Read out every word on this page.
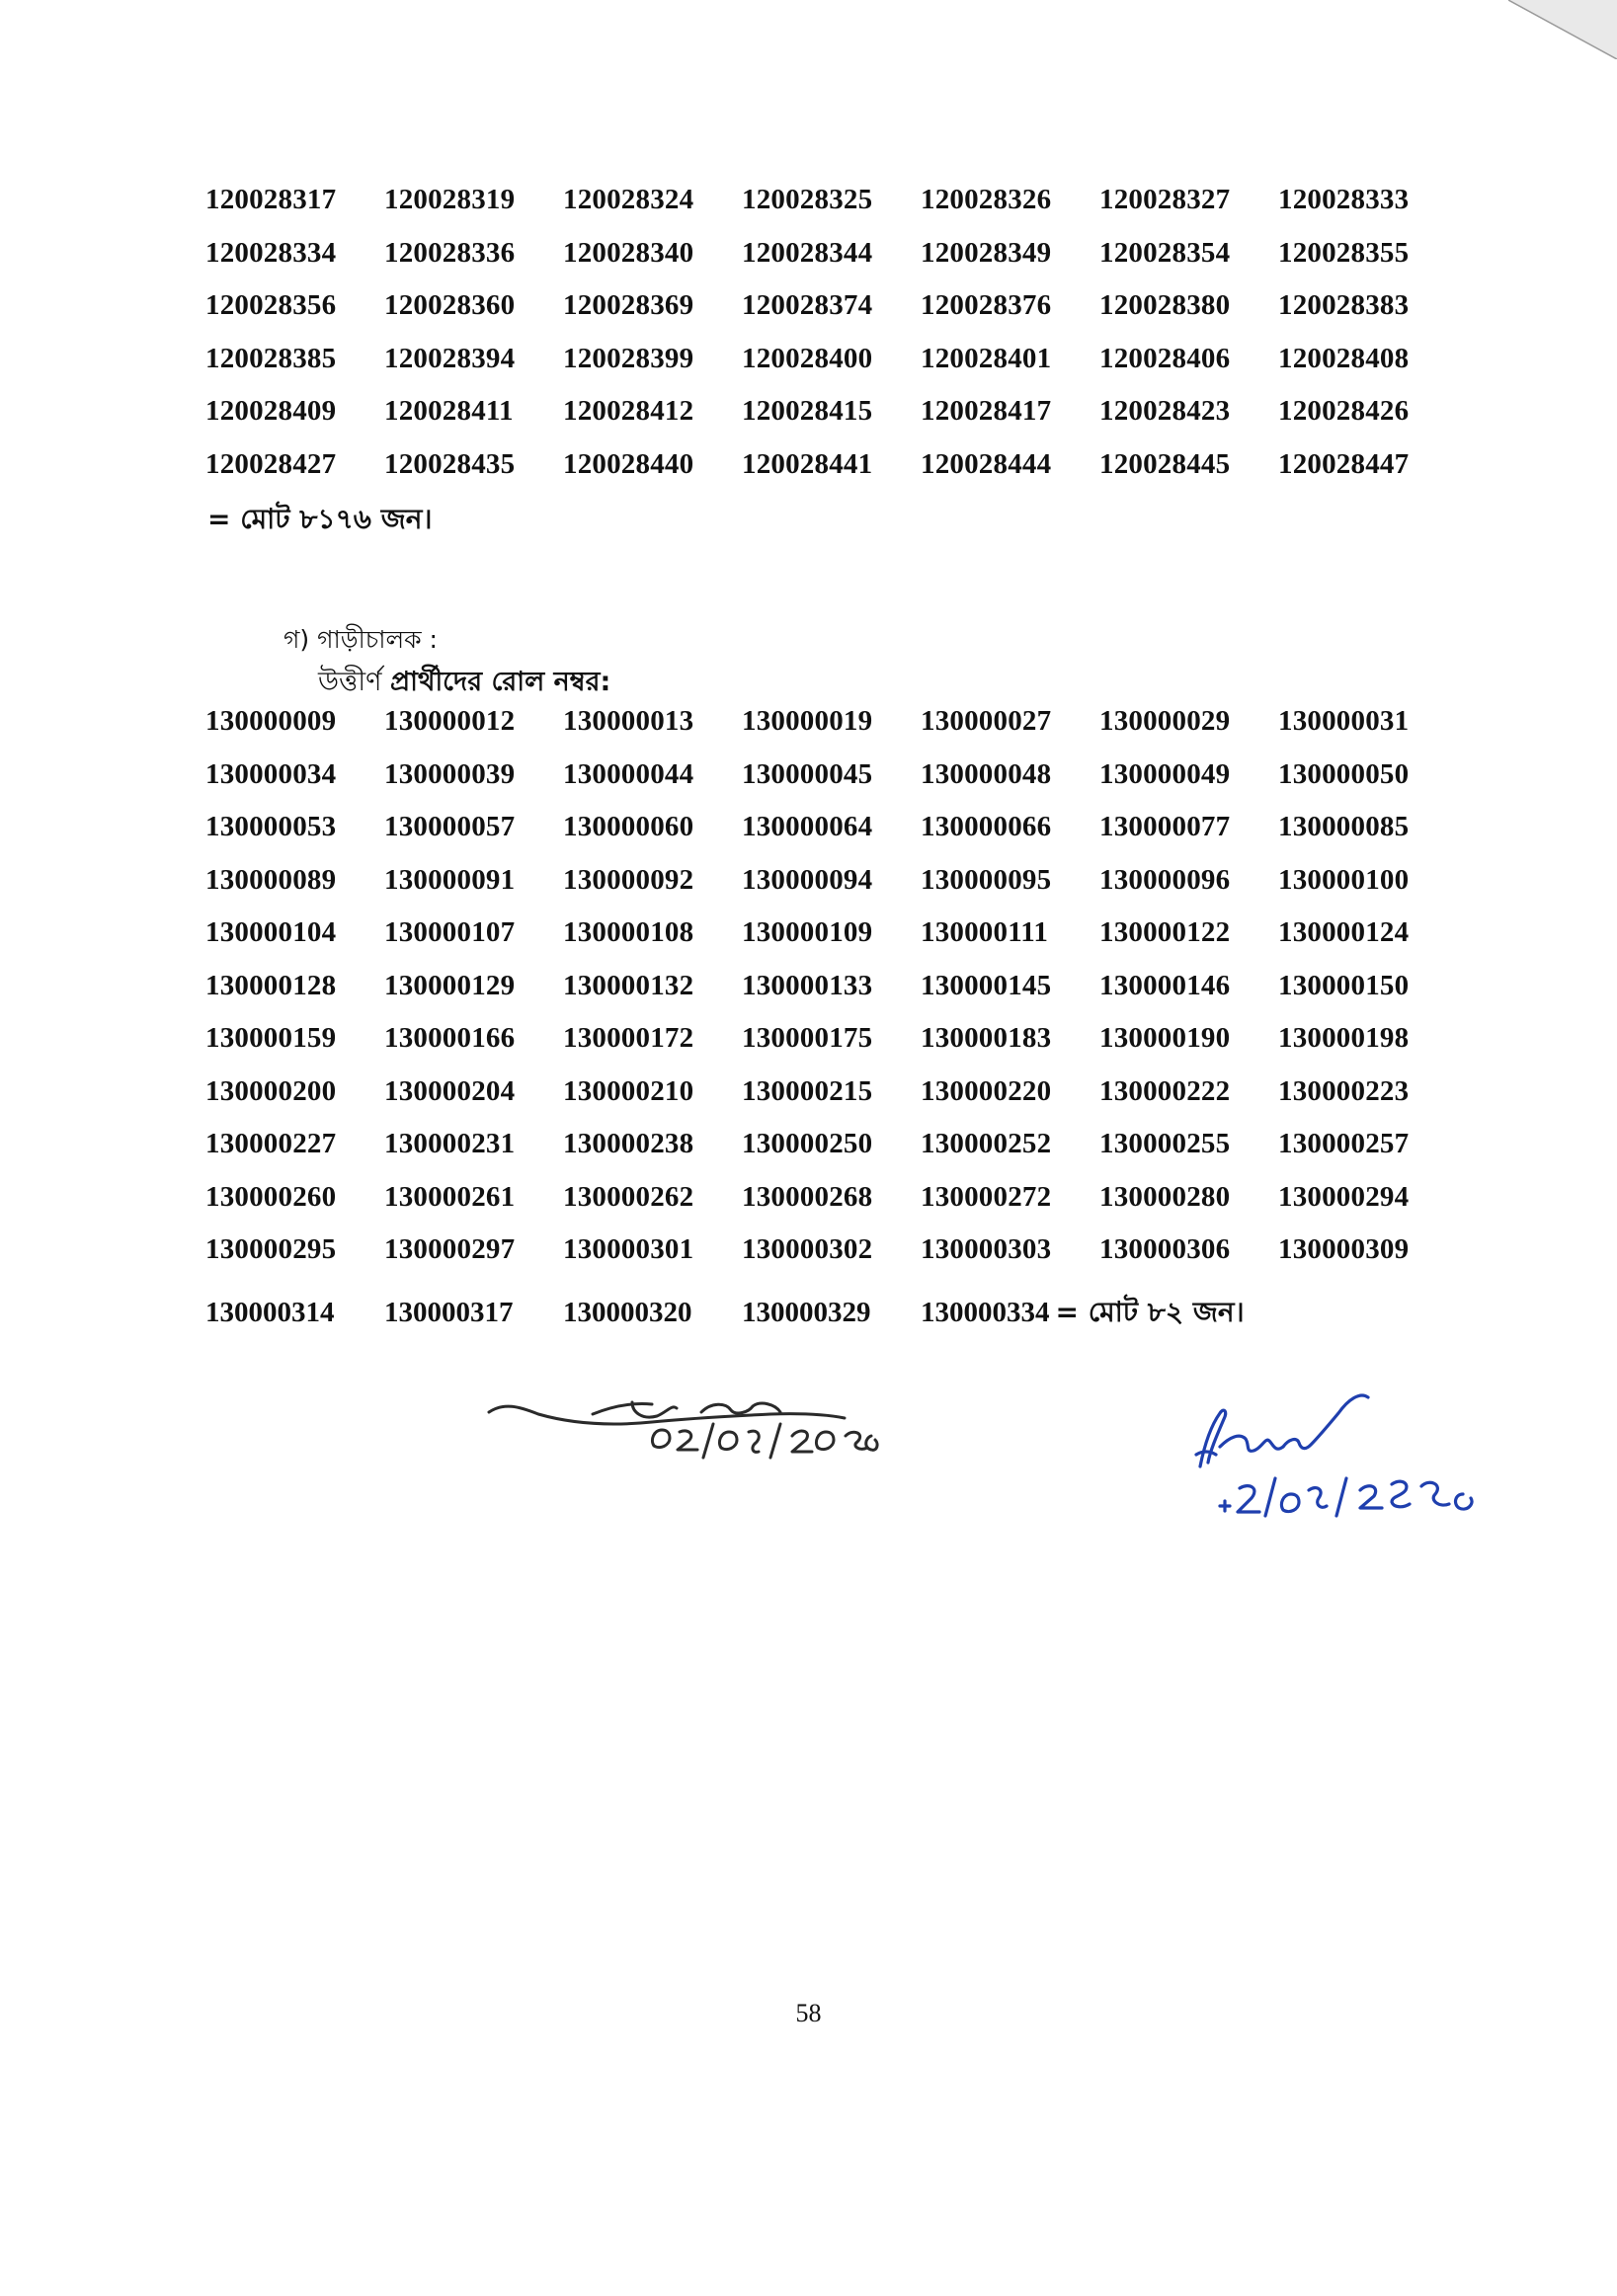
120028317	120028319	120028324	120028325	120028326	120028327	120028333
120028334	120028336	120028340	120028344	120028349	120028354	120028355
120028356	120028360	120028369	120028374	120028376	120028380	120028383
120028385	120028394	120028399	120028400	120028401	120028406	120028408
120028409	120028411	120028412	120028415	120028417	120028423	120028426
120028427	120028435	120028440	120028441	120028444	120028445	120028447
= মোট ৮১৭৬ জন।
গ) গাড়ীচালক :
উত্তীর্ণ প্রার্থীদের রোল নম্বর:
130000009	130000012	130000013	130000019	130000027	130000029	130000031
130000034	130000039	130000044	130000045	130000048	130000049	130000050
130000053	130000057	130000060	130000064	130000066	130000077	130000085
130000089	130000091	130000092	130000094	130000095	130000096	130000100
130000104	130000107	130000108	130000109	130000111	130000122	130000124
130000128	130000129	130000132	130000133	130000145	130000146	130000150
130000159	130000166	130000172	130000175	130000183	130000190	130000198
130000200	130000204	130000210	130000215	130000220	130000222	130000223
130000227	130000231	130000238	130000250	130000252	130000255	130000257
130000260	130000261	130000262	130000268	130000272	130000280	130000294
130000295	130000297	130000301	130000302	130000303	130000306	130000309
130000314	130000317	130000320	130000329	130000334 = মোট ৮২ জন।
58
